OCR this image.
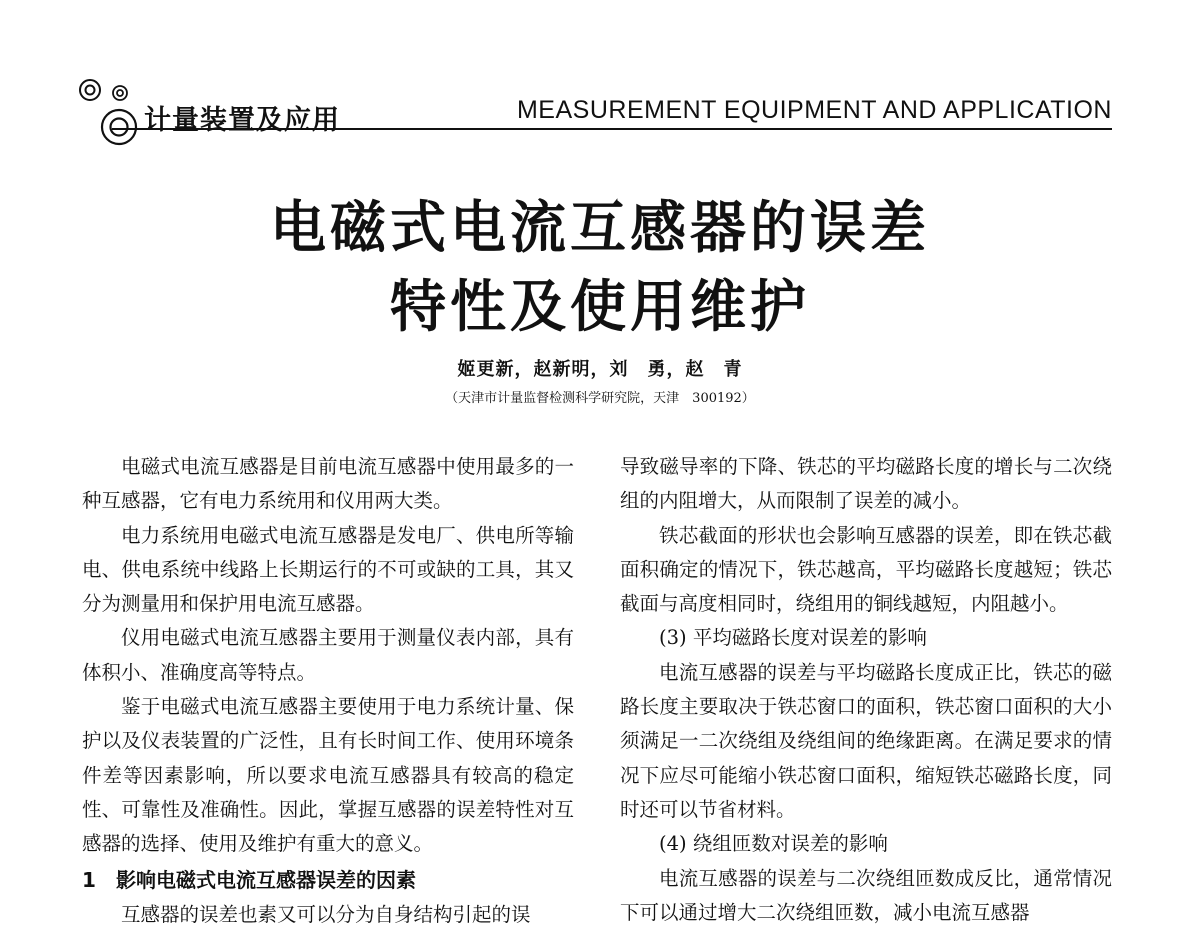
计量装置及应用	MEASUREMENT EQUIPMENT AND APPLICATION
电磁式电流互感器的误差
特性及使用维护
姬更新，赵新明，刘　勇，赵　青
（天津市计量监督检测科学研究院，天津　300192）

电磁式电流互感器是目前电流互感器中使用最多的一种互感器，它有电力系统用和仪用两大类。

电力系统用电磁式电流互感器是发电厂、供电所等输电、供电系统中线路上长期运行的不可或缺的工具，其又分为测量用和保护用电流互感器。

仪用电磁式电流互感器主要用于测量仪表内部，具有体积小、准确度高等特点。

鉴于电磁式电流互感器主要使用于电力系统计量、保护以及仪表装置的广泛性，且有长时间工作、使用环境条件差等因素影响，所以要求电流互感器具有较高的稳定性、可靠性及准确性。因此，掌握互感器的误差特性对互感器的选择、使用及维护有重大的意义。

1 影响电磁式电流互感器误差的因素

互感器的误差也素又可以分为自身结构引起的误

导致磁导率的下降、铁芯的平均磁路长度的增长与二次绕组的内阻增大，从而限制了误差的减小。

铁芯截面的形状也会影响互感器的误差，即在铁芯截面积确定的情况下，铁芯越高，平均磁路长度越短；铁芯截面与高度相同时，绕组用的铜线越短，内阻越小。

(3) 平均磁路长度对误差的影响

电流互感器的误差与平均磁路长度成正比，铁芯的磁路长度主要取决于铁芯窗口的面积，铁芯窗口面积的大小须满足一二次绕组及绕组间的绝缘距离。在满足要求的情况下应尽可能缩小铁芯窗口面积，缩短铁芯磁路长度，同时还可以节省材料。

(4) 绕组匝数对误差的影响

电流互感器的误差与二次绕组匝数成反比，通常情况下可以通过增大二次绕组匝数，减小电流互感器
